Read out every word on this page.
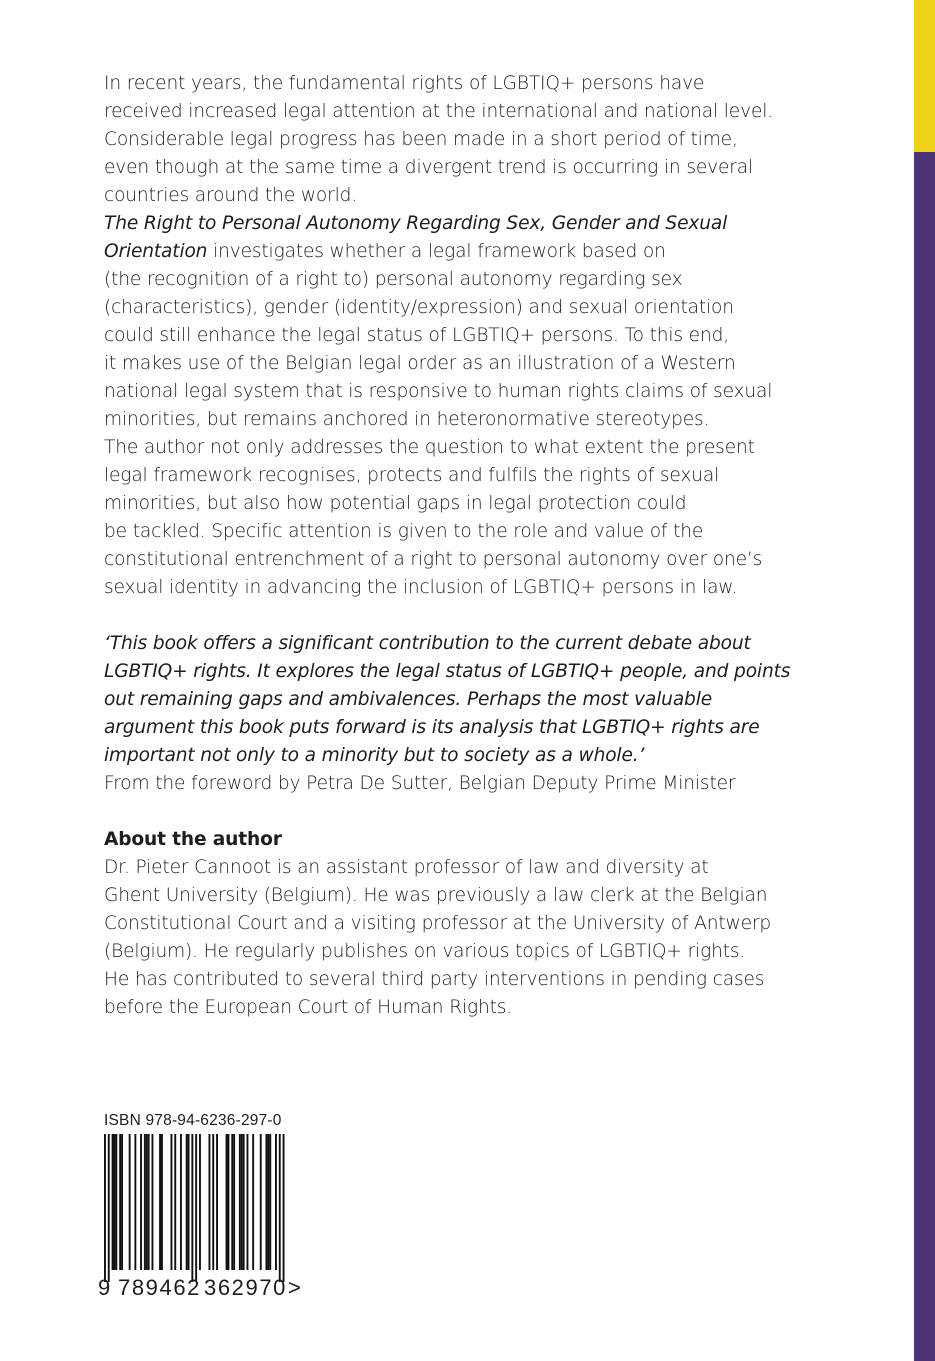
In recent years, the fundamental rights of LGBTIQ+ persons have
received increased legal attention at the international and national level.
Considerable legal progress has been made in a short period of time,
even though at the same time a divergent trend is occurring in several
countries around the world.
The Right to Personal Autonomy Regarding Sex, Gender and Sexual
Orientation investigates whether a legal framework based on
(the recognition of a right to) personal autonomy regarding sex
(characteristics), gender (identity/expression) and sexual orientation
could still enhance the legal status of LGBTIQ+ persons. To this end,
it makes use of the Belgian legal order as an illustration of a Western
national legal system that is responsive to human rights claims of sexual
minorities, but remains anchored in heteronormative stereotypes.
The author not only addresses the question to what extent the present
legal framework recognises, protects and fulfils the rights of sexual
minorities, but also how potential gaps in legal protection could
be tackled. Specific attention is given to the role and value of the
constitutional entrenchment of a right to personal autonomy over one’s
sexual identity in advancing the inclusion of LGBTIQ+ persons in law.
‘This book offers a significant contribution to the current debate about
LGBTIQ+ rights. It explores the legal status of LGBTIQ+ people, and points
out remaining gaps and ambivalences. Perhaps the most valuable
argument this book puts forward is its analysis that LGBTIQ+ rights are
important not only to a minority but to society as a whole.’
From the foreword by Petra De Sutter, Belgian Deputy Prime Minister
About the author
Dr. Pieter Cannoot is an assistant professor of law and diversity at
Ghent University (Belgium). He was previously a law clerk at the Belgian
Constitutional Court and a visiting professor at the University of Antwerp
(Belgium). He regularly publishes on various topics of LGBTIQ+ rights.
He has contributed to several third party interventions in pending cases
before the European Court of Human Rights.
ISBN 978-94-6236-297-0
9 789462 362970 >
